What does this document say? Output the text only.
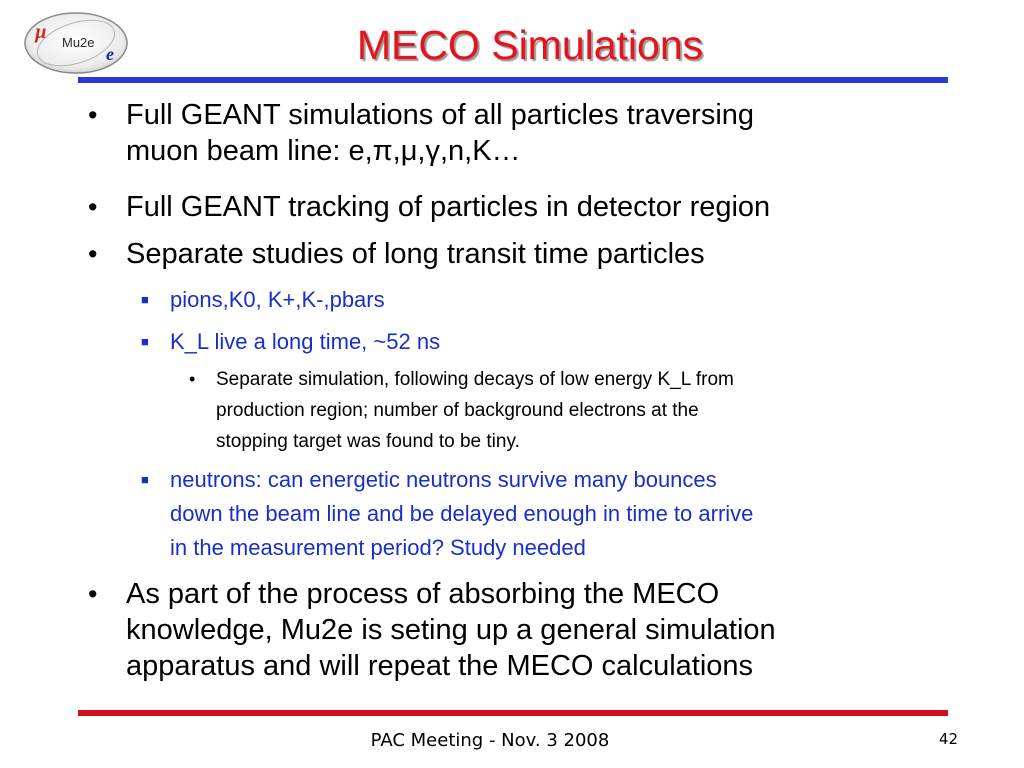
µ Mu2e
e	MECO Simulations
• Full GEANT simulations of all particles traversing
muon beam line: e,π,μ,γ,n,K…
• Full GEANT tracking of particles in detector region
• Separate studies of long transit time particles
■ pions,K0, K+,K-,pbars
■ K_L live a long time, ~52 ns
• Separate simulation, following decays of low energy K_L from
production region; number of background electrons at the
stopping target was found to be tiny.
■ neutrons: can energetic neutrons survive many bounces
down the beam line and be delayed enough in time to arrive
in the measurement period? Study needed
• As part of the process of absorbing the MECO
knowledge, Mu2e is seting up a general simulation
apparatus and will repeat the MECO calculations
PAC Meeting - Nov. 3 2008	42
